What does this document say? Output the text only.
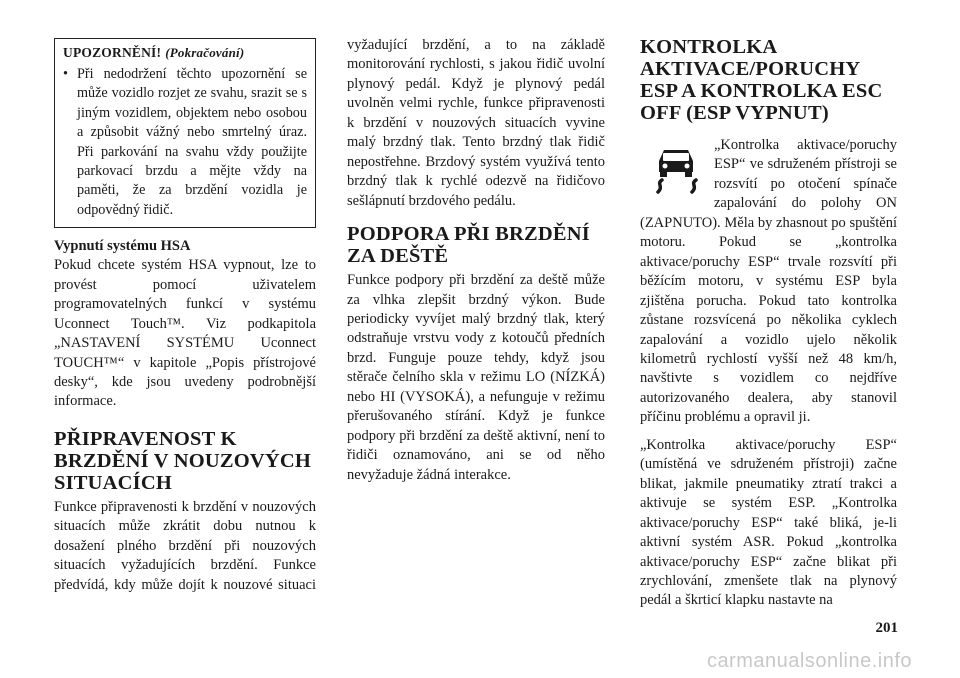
UPOZORNĚNÍ! (Pokračování)
• Při nedodržení těchto upozornění se může vozidlo rozjet ze svahu, srazit se s jiným vozidlem, objektem nebo osobou a způsobit vážný nebo smrtelný úraz. Při parkování na svahu vždy použijte parkovací brzdu a mějte vždy na paměti, že za brzdění vozidla je odpovědný řidič.
Vypnutí systému HSA

Pokud chcete systém HSA vypnout, lze to provést pomocí uživatelem programovatelných funkcí v systému Uconnect Touch™. Viz podkapitola „NASTAVENÍ SYSTÉMU Uconnect TOUCH™“ v kapitole „Popis přístrojové desky“, kde jsou uvedeny podrobnější informace.

PŘIPRAVENOST K BRZDĚNÍ V NOUZOVÝCH SITUACÍCH

Funkce připravenosti k brzdění v nouzových situacích může zkrátit dobu nutnou k dosažení plného brzdění při nouzových situacích vyžadujících brzdění. Funkce předvídá, kdy může dojít k nouzové situaci

vyžadující brzdění, a to na základě monitorování rychlosti, s jakou řidič uvolní plynový pedál. Když je plynový pedál uvolněn velmi rychle, funkce připravenosti k brzdění v nouzových situacích vyvine malý brzdný tlak. Tento brzdný tlak řidič nepostřehne. Brzdový systém využívá tento brzdný tlak k rychlé odezvě na řidičovo sešlápnutí brzdového pedálu.

PODPORA PŘI BRZDĚNÍ ZA DEŠTĚ

Funkce podpory při brzdění za deště může za vlhka zlepšit brzdný výkon. Bude periodicky vyvíjet malý brzdný tlak, který odstraňuje vrstvu vody z kotoučů předních brzd. Funguje pouze tehdy, když jsou stěrače čelního skla v režimu LO (NÍZKÁ) nebo HI (VYSOKÁ), a nefunguje v režimu přerušovaného stírání. Když je funkce podpory při brzdění za deště aktivní, není to řidiči oznamováno, ani se od něho nevyžaduje žádná interakce.

KONTROLKA AKTIVACE/PORUCHY ESP A KONTROLKA ESC OFF (ESP VYPNUT)

„Kontrolka aktivace/poruchy ESP“ ve sdruženém přístroji se rozsvítí po otočení spínače zapalování do polohy ON (ZAPNUTO). Měla by zhasnout po spuštění motoru. Pokud se „kontrolka aktivace/poruchy ESP“ trvale rozsvítí při běžícím motoru, v systému ESP byla zjištěna porucha. Pokud tato kontrolka zůstane rozsvícená po několika cyklech zapalování a vozidlo ujelo několik kilometrů rychlostí vyšší než 48 km/h, navštivte s vozidlem co nejdříve autorizovaného dealera, aby stanovil příčinu problému a opravil ji.

„Kontrolka aktivace/poruchy ESP“ (umístěná ve sdruženém přístroji) začne blikat, jakmile pneumatiky ztratí trakci a aktivuje se systém ESP. „Kontrolka aktivace/poruchy ESP“ také bliká, je-li aktivní systém ASR. Pokud „kontrolka aktivace/poruchy ESP“ začne blikat při zrychlování, zmenšete tlak na plynový pedál a škrticí klapku nastavte na

201
carmanualsonline.info
